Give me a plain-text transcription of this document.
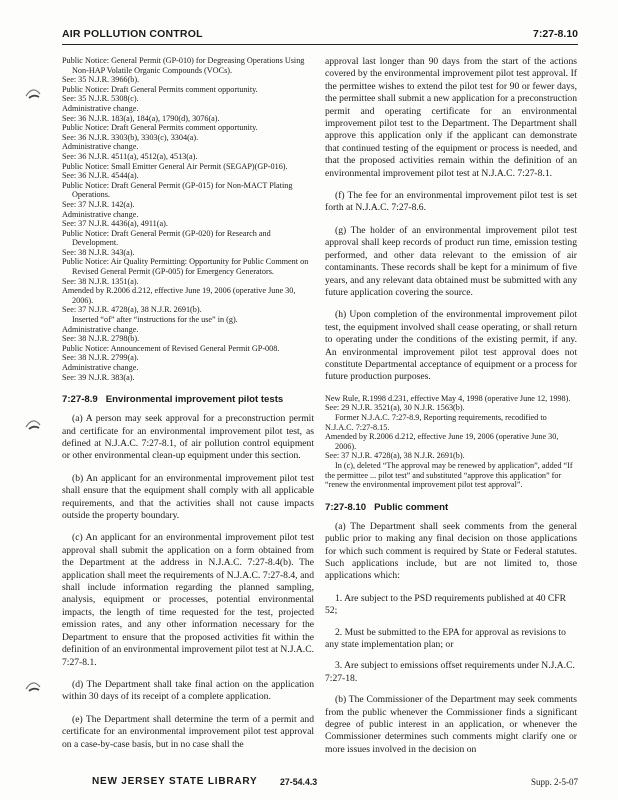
AIR POLLUTION CONTROL	7:27-8.10
Public Notice: General Permit (GP-010) for Degreasing Operations Using Non-HAP Volatile Organic Compounds (VOCs).
See: 35 N.J.R. 3966(b).
Public Notice: Draft General Permits comment opportunity.
See: 35 N.J.R. 5308(c).
Administrative change.
See: 36 N.J.R. 183(a), 184(a), 1790(d), 3076(a).
Public Notice: Draft General Permits comment opportunity.
See: 36 N.J.R. 3303(b), 3303(c), 3304(a).
Administrative change.
See: 36 N.J.R. 4511(a), 4512(a), 4513(a).
Public Notice: Small Emitter General Air Permit (SEGAP)(GP-016).
See: 36 N.J.R. 4544(a).
Public Notice: Draft General Permit (GP-015) for Non-MACT Plating Operations.
See: 37 N.J.R. 142(a).
Administrative change.
See: 37 N.J.R. 4436(a), 4911(a).
Public Notice: Draft General Permit (GP-020) for Research and Development.
See: 38 N.J.R. 343(a).
Public Notice: Air Quality Permitting: Opportunity for Public Comment on Revised General Permit (GP-005) for Emergency Generators.
See: 38 N.J.R. 1351(a).
Amended by R.2006 d.212, effective June 19, 2006 (operative June 30, 2006).
See: 37 N.J.R. 4728(a), 38 N.J.R. 2691(b).
Inserted “of” after “instructions for the use” in (g).
Administrative change.
See: 38 N.J.R. 2798(b).
Public Notice: Announcement of Revised General Permit GP-008.
See: 38 N.J.R. 2799(a).
Administrative change.
See: 39 N.J.R. 383(a).
7:27-8.9 Environmental improvement pilot tests

(a) A person may seek approval for a preconstruction permit and certificate for an environmental improvement pilot test, as defined at N.J.A.C. 7:27-8.1, of air pollution control equipment or other environmental clean-up equipment under this section.

(b) An applicant for an environmental improvement pilot test shall ensure that the equipment shall comply with all applicable requirements, and that the activities shall not cause impacts outside the property boundary.

(c) An applicant for an environmental improvement pilot test approval shall submit the application on a form obtained from the Department at the address in N.J.A.C. 7:27-8.4(b). The application shall meet the requirements of N.J.A.C. 7:27-8.4, and shall include information regarding the planned sampling, analysis, equipment or processes, potential environmental impacts, the length of time requested for the test, projected emission rates, and any other information necessary for the Department to ensure that the proposed activities fit within the definition of an environmental improvement pilot test at N.J.A.C. 7:27-8.1.

(d) The Department shall take final action on the application within 30 days of its receipt of a complete application.

(e) The Department shall determine the term of a permit and certificate for an environmental improvement pilot test approval on a case-by-case basis, but in no case shall the

approval last longer than 90 days from the start of the actions covered by the environmental improvement pilot test approval. If the permittee wishes to extend the pilot test for 90 or fewer days, the permittee shall submit a new application for a preconstruction permit and operating certificate for an environmental improvement pilot test to the Department. The Department shall approve this application only if the applicant can demonstrate that continued testing of the equipment or process is needed, and that the proposed activities remain within the definition of an environmental improvement pilot test at N.J.A.C. 7:27-8.1.

(f) The fee for an environmental improvement pilot test is set forth at N.J.A.C. 7:27-8.6.

(g) The holder of an environmental improvement pilot test approval shall keep records of product run time, emission testing performed, and other data relevant to the emission of air contaminants. These records shall be kept for a minimum of five years, and any relevant data obtained must be submitted with any future application covering the source.

(h) Upon completion of the environmental improvement pilot test, the equipment involved shall cease operating, or shall return to operating under the conditions of the existing permit, if any. An environmental improvement pilot test approval does not constitute Departmental acceptance of equipment or a process for future production purposes.

New Rule, R.1998 d.231, effective May 4, 1998 (operative June 12, 1998).
See: 29 N.J.R. 3521(a), 30 N.J.R. 1563(b).
Former N.J.A.C. 7:27-8.9, Reporting requirements, recodified to N.J.A.C. 7:27-8.15.
Amended by R.2006 d.212, effective June 19, 2006 (operative June 30, 2006).
See: 37 N.J.R. 4728(a), 38 N.J.R. 2691(b).
In (c), deleted “The approval may be renewed by application”, added “If the permittee ... pilot test” and substituted “approve this application” for “renew the environmental improvement pilot test approval”.
7:27-8.10 Public comment

(a) The Department shall seek comments from the general public prior to making any final decision on those applications for which such comment is required by State or Federal statutes. Such applications include, but are not limited to, those applications which:

1. Are subject to the PSD requirements published at 40 CFR 52;

2. Must be submitted to the EPA for approval as revisions to any state implementation plan; or

3. Are subject to emissions offset requirements under N.J.A.C. 7:27-18.

(b) The Commissioner of the Department may seek comments from the public whenever the Commissioner finds a significant degree of public interest in an application, or whenever the Commissioner determines such comments might clarify one or more issues involved in the decision on

NEW JERSEY STATE LIBRARY	27-54.4.3	Supp. 2-5-07
